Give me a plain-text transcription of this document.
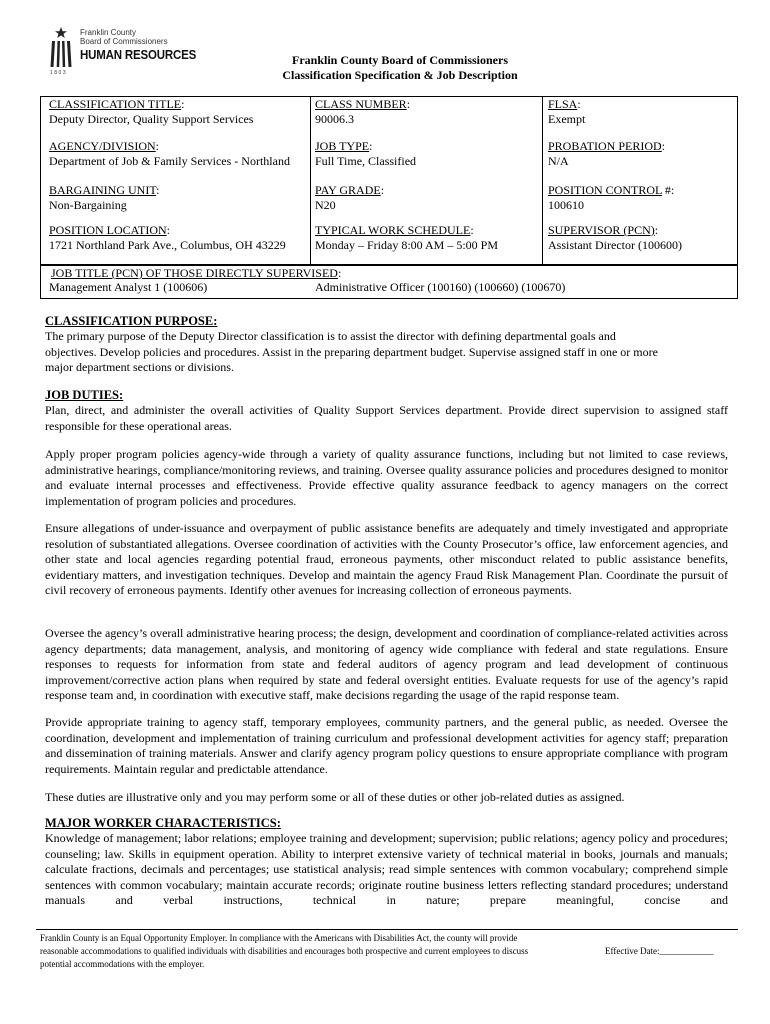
Franklin County
Board of Commissioners
HUMAN RESOURCES
1803
Franklin County Board of Commissioners
Classification Specification & Job Description
CLASSIFICATION TITLE:
Deputy Director, Quality Support Services
CLASS NUMBER:
90006.3
FLSA:
Exempt
AGENCY/DIVISION:
Department of Job & Family Services - Northland
JOB TYPE:
Full Time, Classified
PROBATION PERIOD:
N/A
BARGAINING UNIT:
Non-Bargaining
PAY GRADE:
N20
POSITION CONTROL #:
100610
POSITION LOCATION:
1721 Northland Park Ave., Columbus, OH 43229
TYPICAL WORK SCHEDULE:
Monday – Friday 8:00 AM – 5:00 PM
SUPERVISOR (PCN):
Assistant Director (100600)
JOB TITLE (PCN) OF THOSE DIRECTLY SUPERVISED:
Management Analyst 1 (100606)	Administrative Officer (100160) (100660) (100670)
CLASSIFICATION PURPOSE:
The primary purpose of the Deputy Director classification is to assist the director with defining departmental goals and
objectives. Develop policies and procedures. Assist in the preparing department budget. Supervise assigned staff in one or more
major department sections or divisions.
JOB DUTIES:
Plan, direct, and administer the overall activities of Quality Support Services department. Provide direct supervision to assigned staff responsible for these operational areas.
Apply proper program policies agency-wide through a variety of quality assurance functions, including but not limited to case reviews, administrative hearings, compliance/monitoring reviews, and training. Oversee quality assurance policies and procedures designed to monitor and evaluate internal processes and effectiveness. Provide effective quality assurance feedback to agency managers on the correct implementation of program policies and procedures.
Ensure allegations of under-issuance and overpayment of public assistance benefits are adequately and timely investigated and appropriate resolution of substantiated allegations. Oversee coordination of activities with the County Prosecutor’s office, law enforcement agencies, and other state and local agencies regarding potential fraud, erroneous payments, other misconduct related to public assistance benefits, evidentiary matters, and investigation techniques. Develop and maintain the agency Fraud Risk Management Plan. Coordinate the pursuit of civil recovery of erroneous payments. Identify other avenues for increasing collection of erroneous payments.
Oversee the agency’s overall administrative hearing process; the design, development and coordination of compliance-related activities across agency departments; data management, analysis, and monitoring of agency wide compliance with federal and state regulations. Ensure responses to requests for information from state and federal auditors of agency program and lead development of continuous improvement/corrective action plans when required by state and federal oversight entities. Evaluate requests for use of the agency’s rapid response team and, in coordination with executive staff, make decisions regarding the usage of the rapid response team.
Provide appropriate training to agency staff, temporary employees, community partners, and the general public, as needed. Oversee the coordination, development and implementation of training curriculum and professional development activities for agency staff; preparation and dissemination of training materials. Answer and clarify agency program policy questions to ensure appropriate compliance with program requirements. Maintain regular and predictable attendance.
These duties are illustrative only and you may perform some or all of these duties or other job-related duties as assigned.
MAJOR WORKER CHARACTERISTICS:
Knowledge of management; labor relations; employee training and development; supervision; public relations; agency policy and procedures; counseling; law. Skills in equipment operation. Ability to interpret extensive variety of technical material in books, journals and manuals; calculate fractions, decimals and percentages; use statistical analysis; read simple sentences with common vocabulary; comprehend simple sentences with common vocabulary; maintain accurate records; originate routine business letters reflecting standard procedures; understand manuals and verbal instructions, technical in nature; prepare meaningful, concise and
Franklin County is an Equal Opportunity Employer. In compliance with the Americans with Disabilities Act, the county will provide
reasonable accommodations to qualified individuals with disabilities and encourages both prospective and current employees to discuss
potential accommodations with the employer.
Effective Date:____________
